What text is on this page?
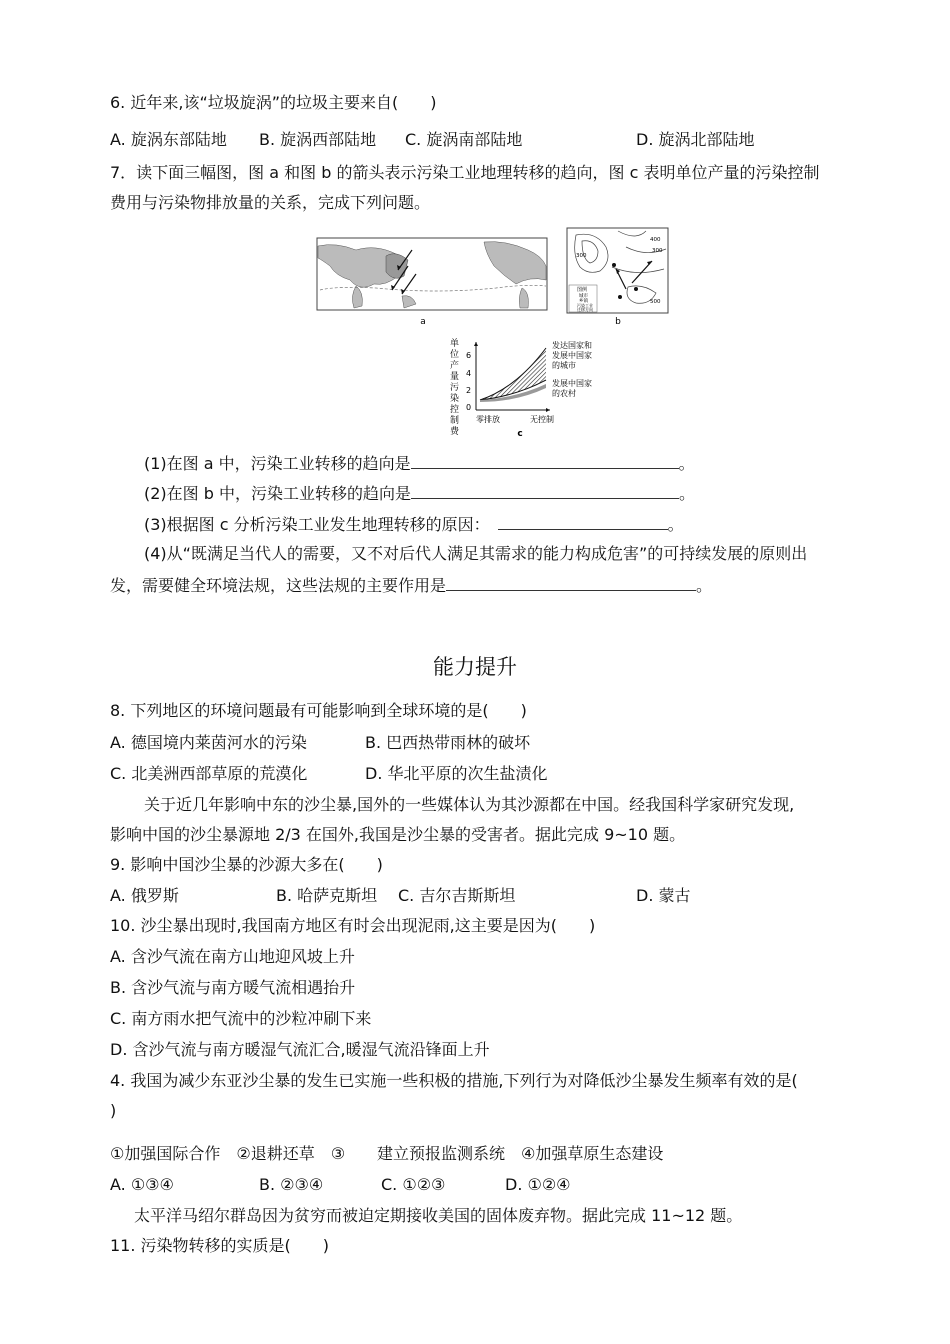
6. 近年来,该“垃圾旋涡”的垃圾主要来自(　　)
A. 旋涡东部陆地 B. 旋涡西部陆地 C. 旋涡南部陆地	D. 旋涡北部陆地
7．读下面三幅图，图 a 和图 b 的箭头表示污染工业地理转移的趋向，图 c 表明单位产量的污染控制
费用与污染物排放量的关系，完成下列问题。
a
400
300
300
500
图例
城市
乡镇
污染工业
迁移方向
b
单位产 量污染 控制费
6
4
2
0
零排放	无控制
发达国家和发展中国家的城市
发展中国家的农村
c
(1)在图 a 中，污染工业转移的趋向是	。
(2)在图 b 中，污染工业转移的趋向是	。
(3)根据图 c 分析污染工业发生地理转移的原因：	。
(4)从“既满足当代人的需要，又不对后代人满足其需求的能力构成危害”的可持续发展的原则出
发，需要健全环境法规，这些法规的主要作用是	。
能力提升
8. 下列地区的环境问题最有可能影响到全球环境的是(　　)
A. 德国境内莱茵河水的污染	B. 巴西热带雨林的破坏
C. 北美洲西部草原的荒漠化	D. 华北平原的次生盐渍化
关于近几年影响中东的沙尘暴,国外的一些媒体认为其沙源都在中国。经我国科学家研究发现,
影响中国的沙尘暴源地 2/3 在国外,我国是沙尘暴的受害者。据此完成 9~10 题。
9. 影响中国沙尘暴的沙源大多在(　　)
A. 俄罗斯	B. 哈萨克斯坦 C. 吉尔吉斯斯坦	D. 蒙古
10. 沙尘暴出现时,我国南方地区有时会出现泥雨,这主要是因为(　　)
A. 含沙气流在南方山地迎风坡上升
B. 含沙气流与南方暖气流相遇抬升
C. 南方雨水把气流中的沙粒冲刷下来
D. 含沙气流与南方暖湿气流汇合,暖湿气流沿锋面上升
4. 我国为减少东亚沙尘暴的发生已实施一些积极的措施,下列行为对降低沙尘暴发生频率有效的是(
)
①加强国际合作　②退耕还草　③　　建立预报监测系统　④加强草原生态建设
A. ①③④	B. ②③④	C. ①②③	D. ①②④
太平洋马绍尔群岛因为贫穷而被迫定期接收美国的固体废弃物。据此完成 11~12 题。
11. 污染物转移的实质是(　　)
